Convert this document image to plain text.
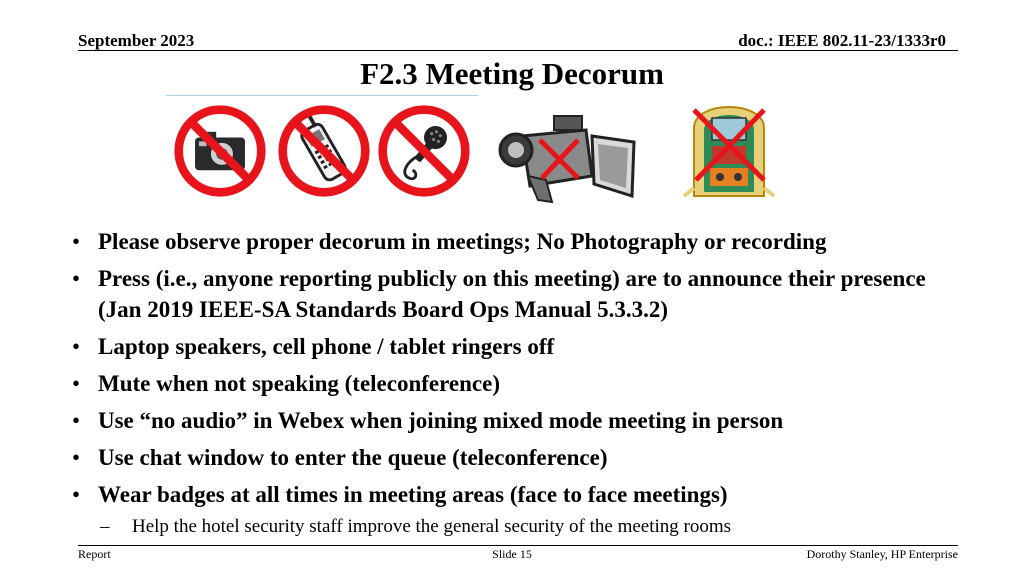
September 2023	doc.: IEEE 802.11-23/1333r0
F2.3 Meeting Decorum
• Please observe proper decorum in meetings; No Photography or recording
• Press (i.e., anyone reporting publicly on this meeting) are to announce their presence (Jan 2019 IEEE-SA Standards Board Ops Manual 5.3.3.2)
• Laptop speakers, cell phone / tablet ringers off
• Mute when not speaking (teleconference)
• Use “no audio” in Webex when joining mixed mode meeting in person
• Use chat window to enter the queue (teleconference)
• Wear badges at all times in meeting areas (face to face meetings)
– Help the hotel security staff improve the general security of the meeting rooms
Report	Slide 15	Dorothy Stanley, HP Enterprise
